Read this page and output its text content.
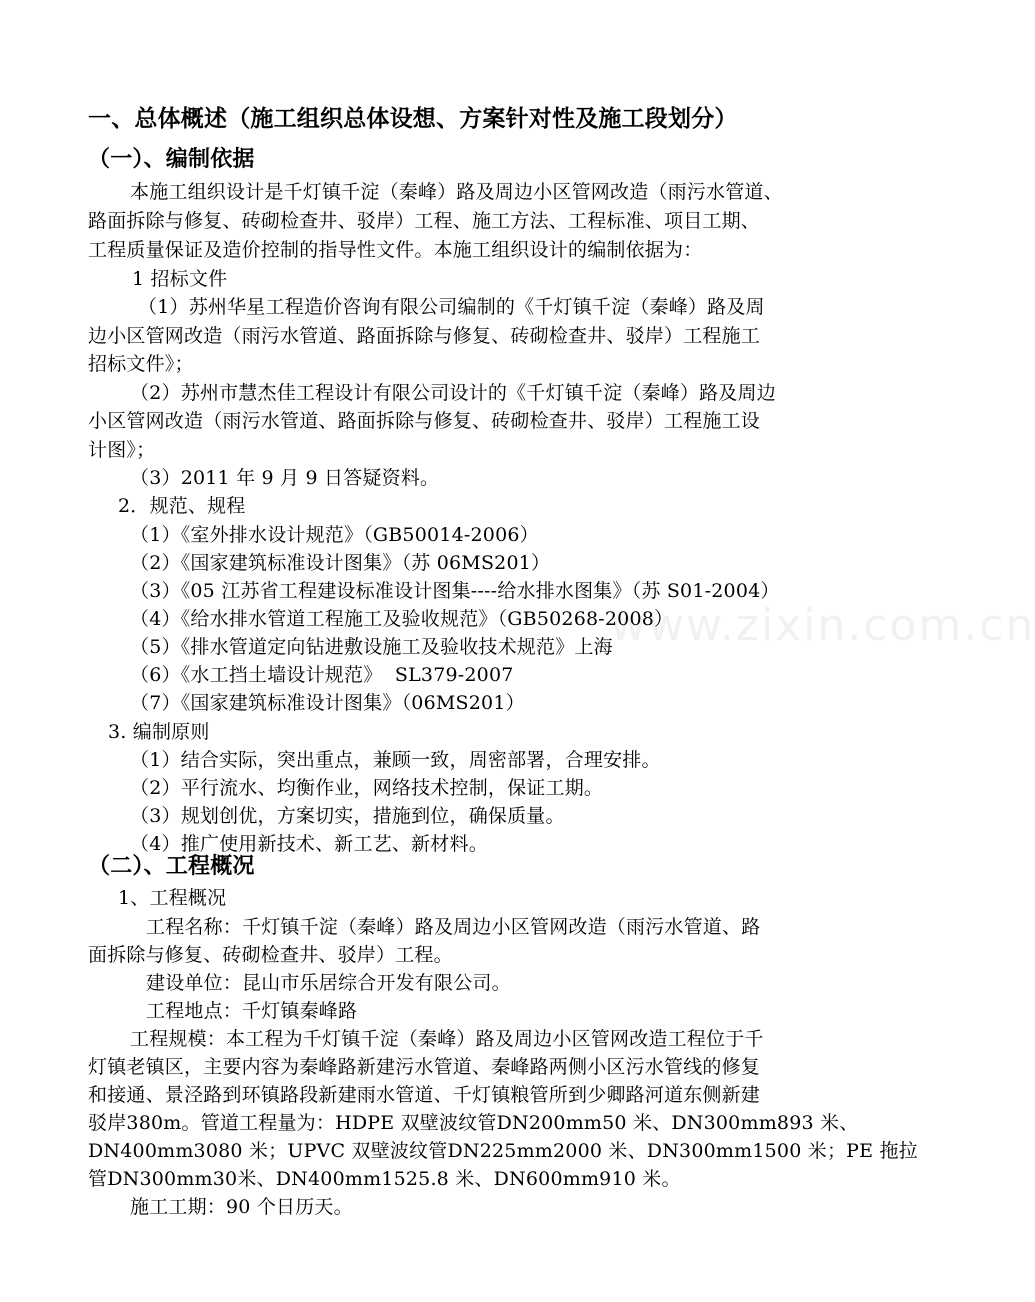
一、总体概述（施工组织总体设想、方案针对性及施工段划分）
（一）、编制依据
本施工组织设计是千灯镇千淀（秦峰）路及周边小区管网改造（雨污水管道、
路面拆除与修复、砖砌检查井、驳岸）工程、施工方法、工程标准、项目工期、
工程质量保证及造价控制的指导性文件。本施工组织设计的编制依据为：
1 招标文件
（1）苏州华星工程造价咨询有限公司编制的《千灯镇千淀（秦峰）路及周
边小区管网改造（雨污水管道、路面拆除与修复、砖砌检查井、驳岸）工程施工
招标文件》；
（2）苏州市慧杰佳工程设计有限公司设计的《千灯镇千淀（秦峰）路及周边
小区管网改造（雨污水管道、路面拆除与修复、砖砌检查井、驳岸）工程施工设
计图》；
（3）2011 年 9 月 9 日答疑资料。
2．规范、规程
（1）《室外排水设计规范》（GB50014-2006）
（2）《国家建筑标准设计图集》（苏 06MS201）
（3）《05 江苏省工程建设标准设计图集----给水排水图集》（苏 S01-2004）
（4）《给水排水管道工程施工及验收规范》（GB50268-2008）
（5）《排水管道定向钻进敷设施工及验收技术规范》上海
（6）《水工挡土墙设计规范》  SL379-2007
（7）《国家建筑标准设计图集》（06MS201）
3. 编制原则
（1）结合实际，突出重点，兼顾一致，周密部署，合理安排。
（2）平行流水、均衡作业，网络技术控制，保证工期。
（3）规划创优，方案切实，措施到位，确保质量。
（4）推广使用新技术、新工艺、新材料。
（二）、工程概况
1、工程概况
工程名称：千灯镇千淀（秦峰）路及周边小区管网改造（雨污水管道、路
面拆除与修复、砖砌检查井、驳岸）工程。
建设单位：昆山市乐居综合开发有限公司。
工程地点：千灯镇秦峰路
工程规模：本工程为千灯镇千淀（秦峰）路及周边小区管网改造工程位于千
灯镇老镇区，主要内容为秦峰路新建污水管道、秦峰路两侧小区污水管线的修复
和接通、景泾路到环镇路段新建雨水管道、千灯镇粮管所到少卿路河道东侧新建
驳岸380m。管道工程量为：HDPE 双壁波纹管DN200mm50 米、DN300mm893 米、
DN400mm3080 米；UPVC 双壁波纹管DN225mm2000 米、DN300mm1500 米；PE 拖拉
管DN300mm30米、DN400mm1525.8 米、DN600mm910 米。
施工工期：90 个日历天。
www.zixin.com.cn
